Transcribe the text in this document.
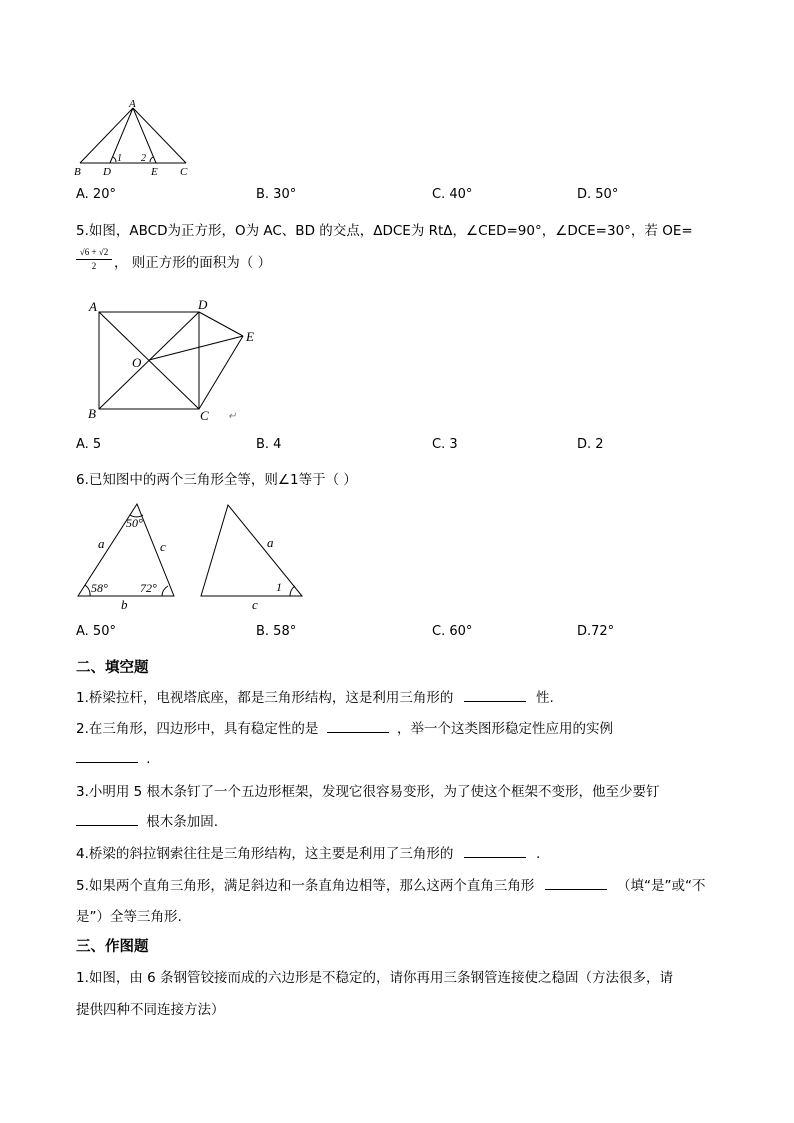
A
B D	E C
1 2
A. 20°	B. 30°	C. 40°	D. 50°
5.如图，ABCD为正方形，O为 AC、BD 的交点，ΔDCE为 RtΔ，∠CED=90°，∠DCE=30°，若 OE=
√6 + √2
2	， 则正方形的面积为（ ）
A	D
E
O
B	C ↵
A. 5	B. 4	C. 3	D. 2
6.已知图中的两个三角形全等，则∠1等于（ ）
50°
a	c
58°	72°
b
a
1
c
A. 50°	B. 58°	C. 60°	D.72°
二、填空题
1.桥梁拉杆，电视塔底座，都是三角形结构，这是利用三角形的	性.
2.在三角形，四边形中，具有稳定性的是	，举一个这类图形稳定性应用的实例
.
3.小明用 5 根木条钉了一个五边形框架，发现它很容易变形，为了使这个框架不变形，他至少要钉
根木条加固.
4.桥梁的斜拉钢索往往是三角形结构，这主要是利用了三角形的	.
5.如果两个直角三角形，满足斜边和一条直角边相等，那么这两个直角三角形	（填“是”或“不
是”）全等三角形.
三、作图题
1.如图，由 6 条钢管铰接而成的六边形是不稳定的，请你再用三条钢管连接使之稳固（方法很多，请
提供四种不同连接方法）
